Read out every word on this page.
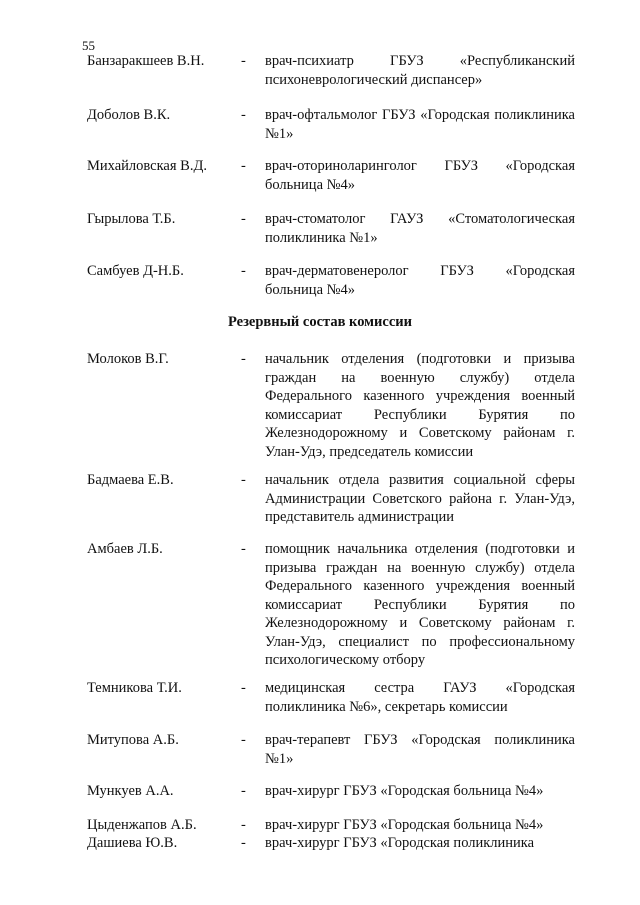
55
Банзаракшеев В.Н.	- врач-психиатр ГБУЗ «Республиканский психоневрологический диспансер»
Доболов В.К.	- врач-офтальмолог ГБУЗ «Городская поликлиника №1»
Михайловская В.Д. - врач-оториноларинголог ГБУЗ «Городская больница №4»
Гырылова Т.Б.	- врач-стоматолог ГАУЗ «Стоматологическая поликлиника №1»
Самбуев Д-Н.Б.	- врач-дерматовенеролог ГБУЗ «Городская больница №4»
Резервный состав комиссии
Молоков В.Г.	- начальник отделения (подготовки и призыва граждан на военную службу) отдела Федерального казенного учреждения военный комиссариат Республики Бурятия по Железнодорожному и Советскому районам г. Улан-Удэ, председатель комиссии
Бадмаева Е.В.	- начальник отдела развития социальной сферы Администрации Советского района г. Улан-Удэ, представитель администрации
Амбаев Л.Б.	- помощник начальника отделения (подготовки и призыва граждан на военную службу) отдела Федерального казенного учреждения военный комиссариат Республики Бурятия по Железнодорожному и Советскому районам г. Улан-Удэ, специалист по профессиональному психологическому отбору
Темникова Т.И.	- медицинская сестра ГАУЗ «Городская поликлиника №6», секретарь комиссии
Митупова А.Б.	- врач-терапевт ГБУЗ «Городская поликлиника №1»
Мункуев А.А.	- врач-хирург ГБУЗ «Городская больница №4»
Цыденжапов А.Б.	- врач-хирург ГБУЗ «Городская больница №4»
Дашиева Ю.В.	- врач-хирург ГБУЗ «Городская поликлиника
